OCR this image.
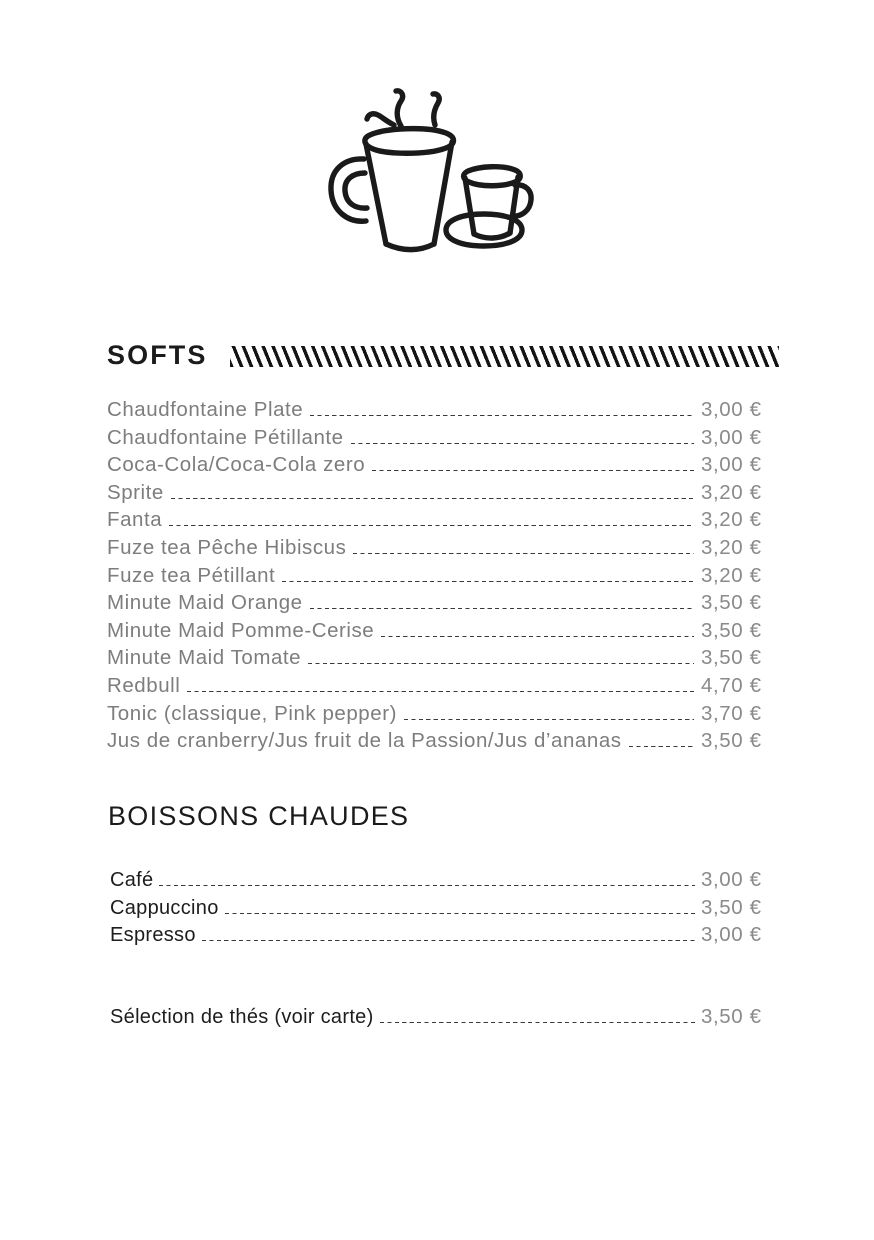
SOFTS
Chaudfontaine Plate	3,00 €
Chaudfontaine Pétillante	3,00 €
Coca-Cola/Coca-Cola zero	3,00 €
Sprite	3,20 €
Fanta	3,20 €
Fuze tea Pêche Hibiscus	3,20 €
Fuze tea Pétillant	3,20 €
Minute Maid Orange	3,50 €
Minute Maid Pomme-Cerise	3,50 €
Minute Maid Tomate	3,50 €
Redbull	4,70 €
Tonic (classique, Pink pepper)	3,70 €
Jus de cranberry/Jus fruit de la Passion/Jus d’ananas	3,50 €
BOISSONS CHAUDES
Café	3,00 €
Cappuccino	3,50 €
Espresso	3,00 €
Sélection de thés (voir carte)	3,50 €
